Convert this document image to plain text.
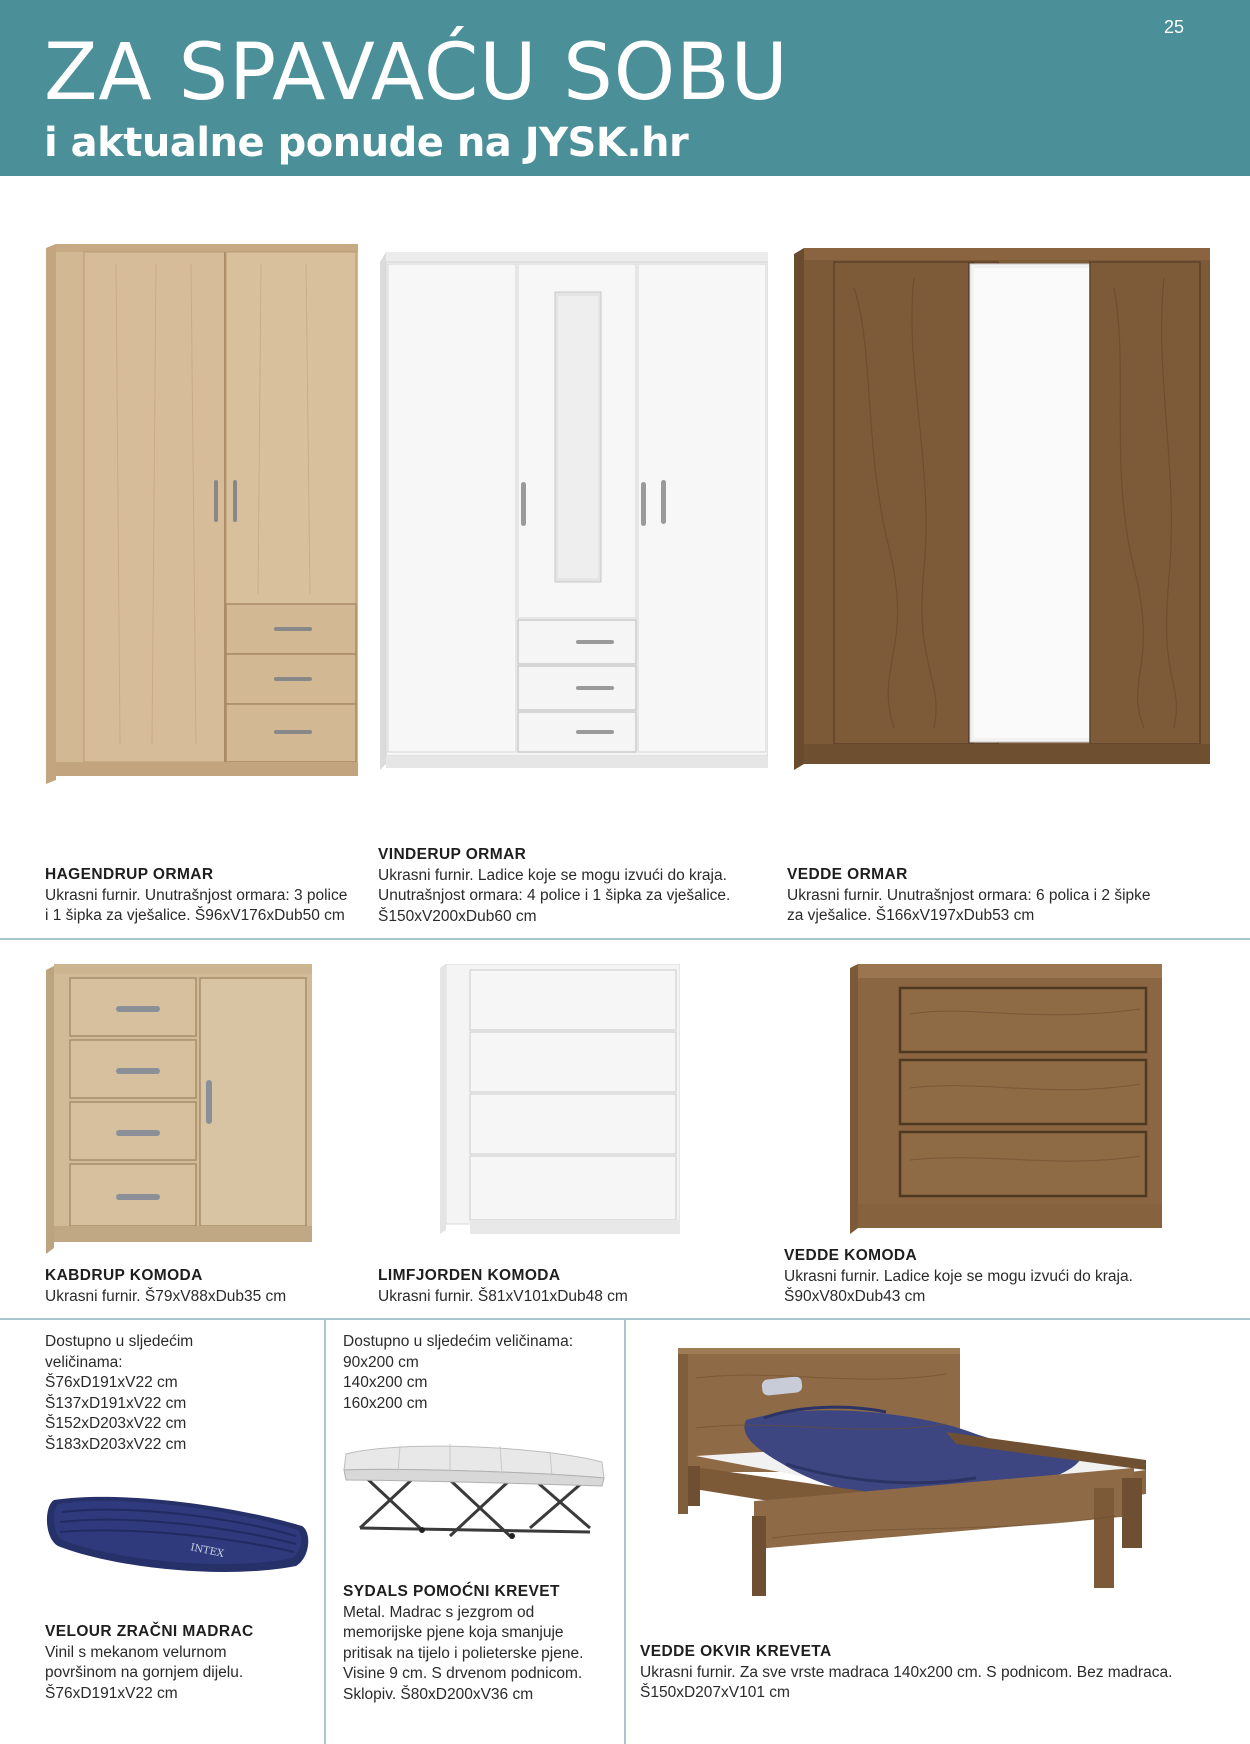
25
ZA SPAVAĆU SOBU
i aktualne ponude na JYSK.hr
HAGENDRUP ORMAR
Ukrasni furnir. Unutrašnjost ormara: 3 police
i 1 šipka za vješalice. Š96xV176xDub50 cm
VINDERUP ORMAR
Ukrasni furnir. Ladice koje se mogu izvući do kraja.
Unutrašnjost ormara: 4 police i 1 šipka za vješalice.
Š150xV200xDub60 cm
VEDDE ORMAR
Ukrasni furnir. Unutrašnjost ormara: 6 polica i 2 šipke
za vješalice. Š166xV197xDub53 cm
KABDRUP KOMODA
Ukrasni furnir. Š79xV88xDub35 cm
LIMFJORDEN KOMODA
Ukrasni furnir. Š81xV101xDub48 cm
VEDDE KOMODA
Ukrasni furnir. Ladice koje se mogu izvući do kraja.
Š90xV80xDub43 cm
Dostupno u sljedećim
veličinama:
Š76xD191xV22 cm
Š137xD191xV22 cm
Š152xD203xV22 cm
Š183xD203xV22 cm
INTEX
VELOUR ZRAČNI MADRAC
Vinil s mekanom velurnom
površinom na gornjem dijelu.
Š76xD191xV22 cm
Dostupno u sljedećim veličinama:
90x200 cm
140x200 cm
160x200 cm
SYDALS POMOĆNI KREVET
Metal. Madrac s jezgrom od
memorijske pjene koja smanjuje
pritisak na tijelo i polieterske pjene.
Visine 9 cm. S drvenom podnicom.
Sklopiv. Š80xD200xV36 cm
VEDDE OKVIR KREVETA
Ukrasni furnir. Za sve vrste madraca 140x200 cm. S podnicom. Bez madraca.
Š150xD207xV101 cm
